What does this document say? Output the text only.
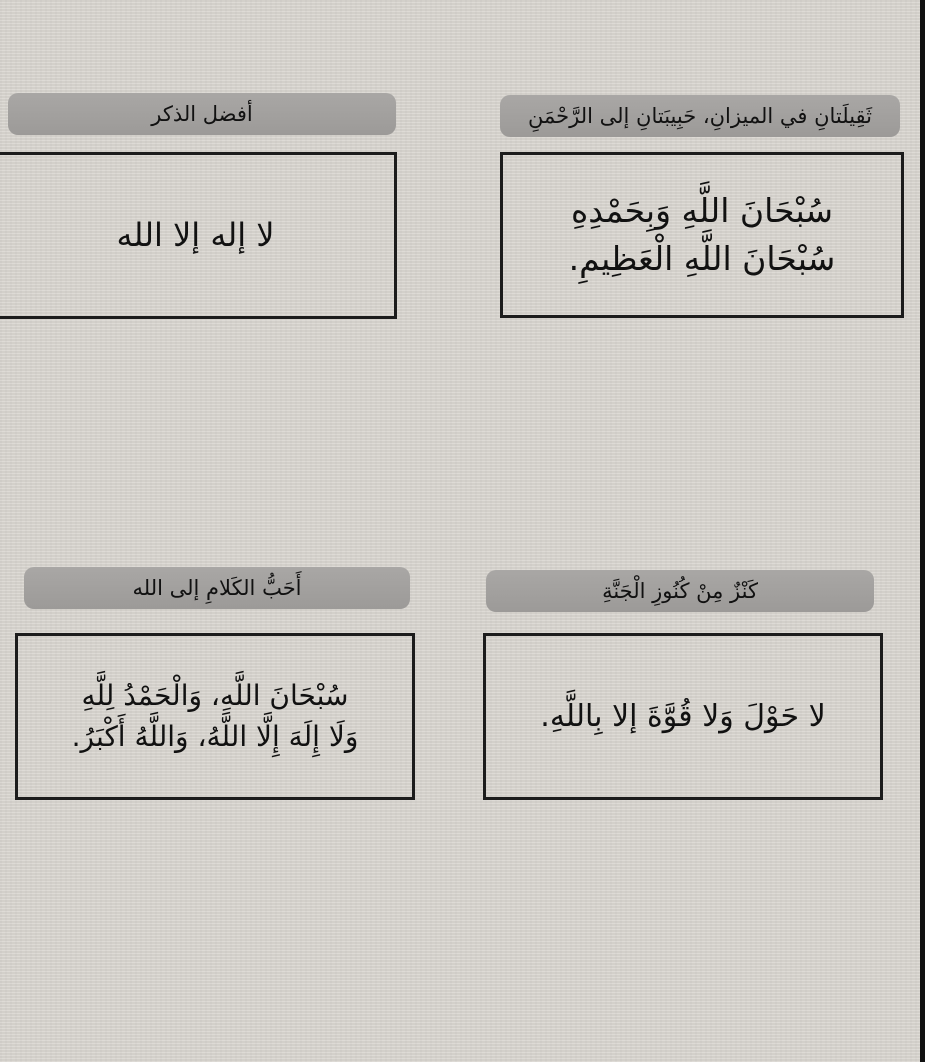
ثَقِيلَتانِ في الميزانِ، حَبِيبَتانِ إلى الرَّحْمَنِ
سُبْحَانَ اللَّهِ وَبِحَمْدِهِ
سُبْحَانَ اللَّهِ الْعَظِيمِ.
أفضل الذكر
لا إله إلا الله
كَنْزٌ مِنْ كُنُوزِ الْجَنَّةِ
لا حَوْلَ وَلا قُوَّةَ إلا بِاللَّهِ.
أَحَبُّ الكَلامِ إلى الله
سُبْحَانَ اللَّهِ، وَالْحَمْدُ لِلَّهِ
وَلَا إِلَهَ إِلَّا اللَّهُ، وَاللَّهُ أَكْبَرُ.
